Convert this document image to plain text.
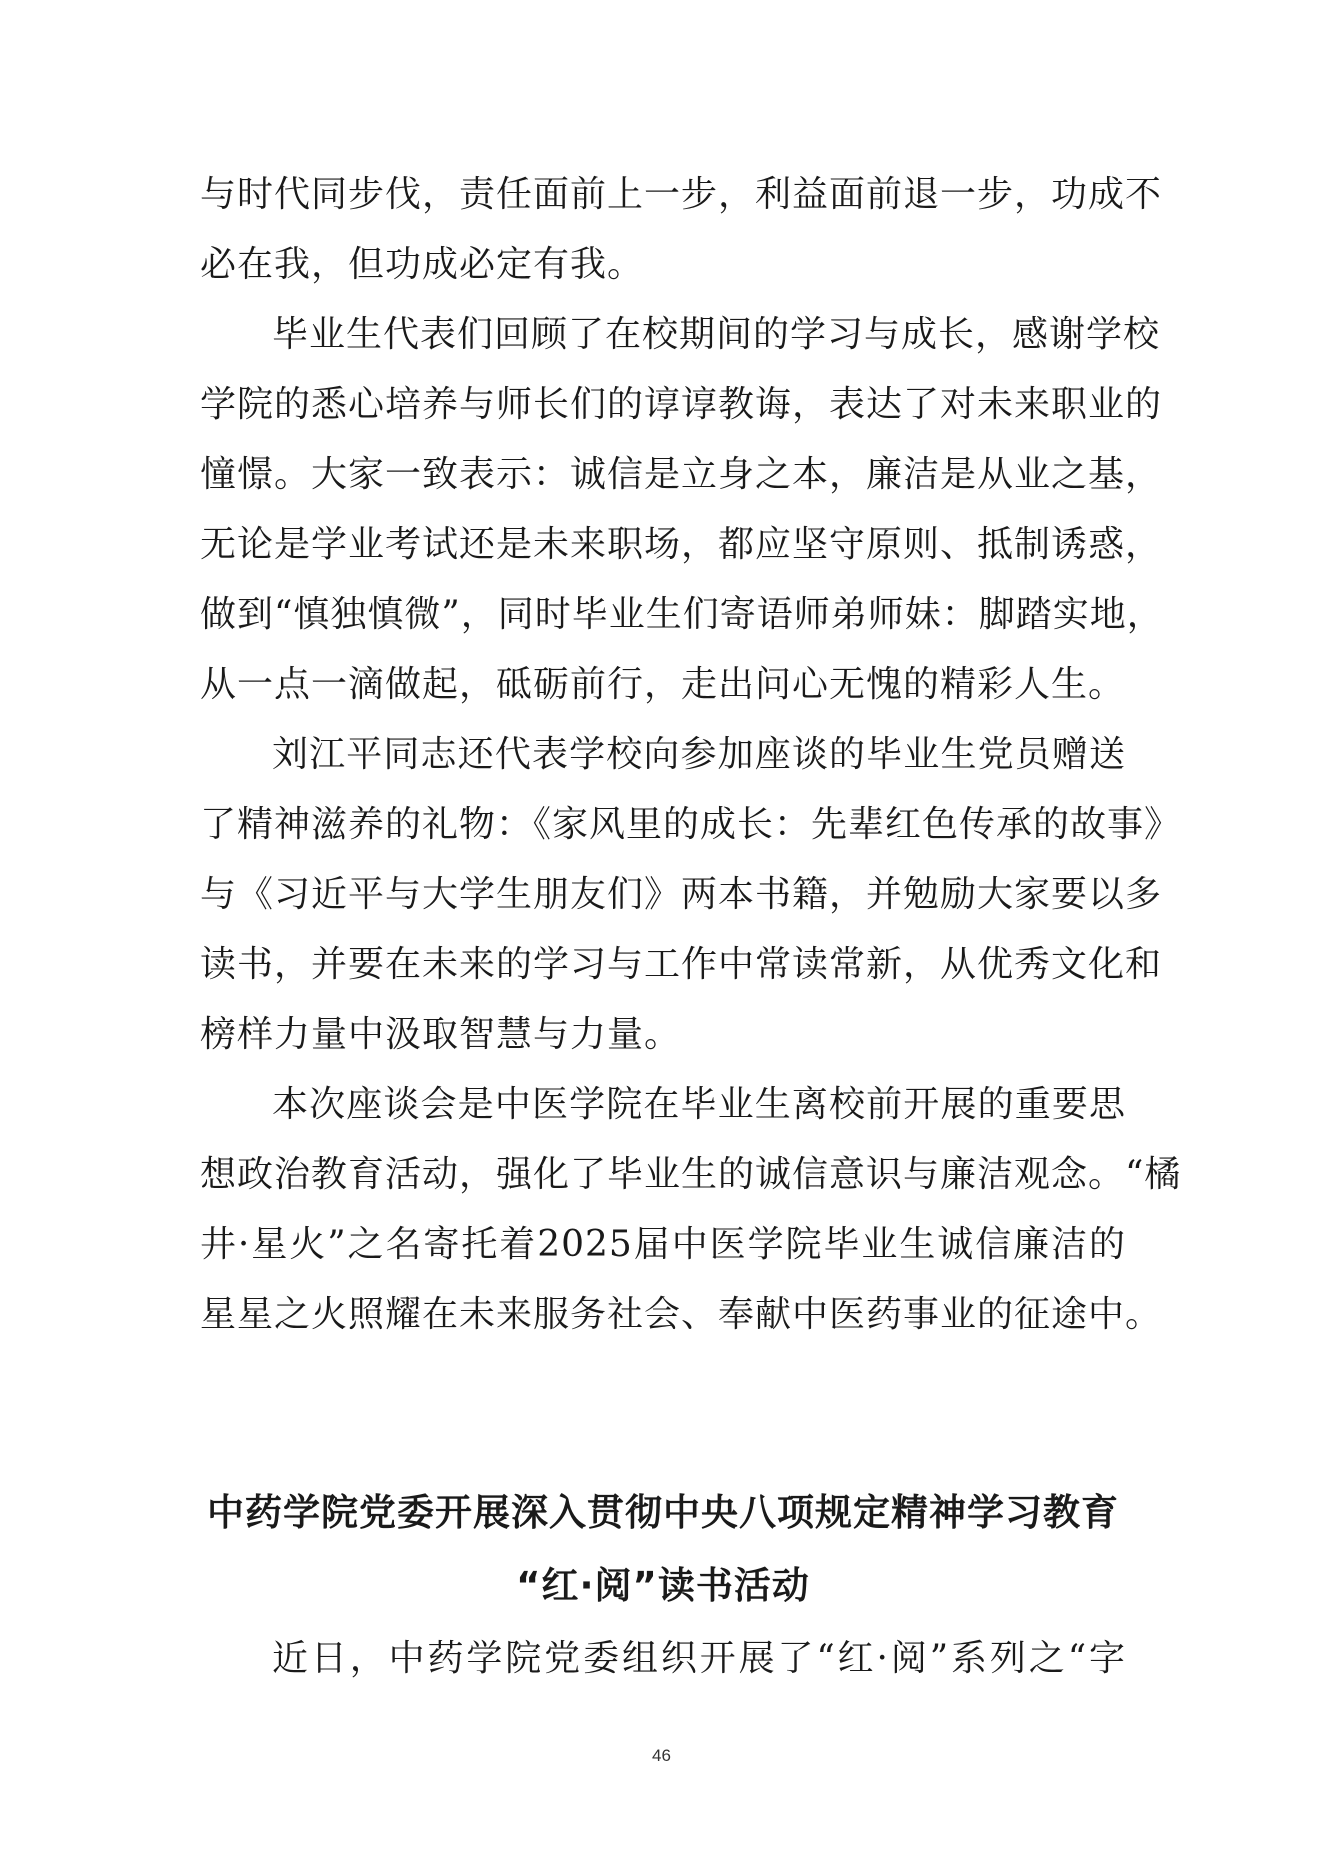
与时代同步伐，责任面前上一步，利益面前退一步，功成不
必在我，但功成必定有我。
毕业生代表们回顾了在校期间的学习与成长，感谢学校
学院的悉心培养与师长们的谆谆教诲，表达了对未来职业的
憧憬。大家一致表示：诚信是立身之本，廉洁是从业之基，
无论是学业考试还是未来职场，都应坚守原则、抵制诱惑，
做到“慎独慎微”，同时毕业生们寄语师弟师妹：脚踏实地，
从一点一滴做起，砥砺前行，走出问心无愧的精彩人生。
刘江平同志还代表学校向参加座谈的毕业生党员赠送
了精神滋养的礼物：《家风里的成长：先辈红色传承的故事》
与《习近平与大学生朋友们》两本书籍，并勉励大家要以多
读书，并要在未来的学习与工作中常读常新，从优秀文化和
榜样力量中汲取智慧与力量。
本次座谈会是中医学院在毕业生离校前开展的重要思
想政治教育活动，强化了毕业生的诚信意识与廉洁观念。“橘
井·星火”之名寄托着2025届中医学院毕业生诚信廉洁的
星星之火照耀在未来服务社会、奉献中医药事业的征途中。
中药学院党委开展深入贯彻中央八项规定精神学习教育
“红·阅”读书活动
近日，中药学院党委组织开展了“红·阅”系列之“字
46
